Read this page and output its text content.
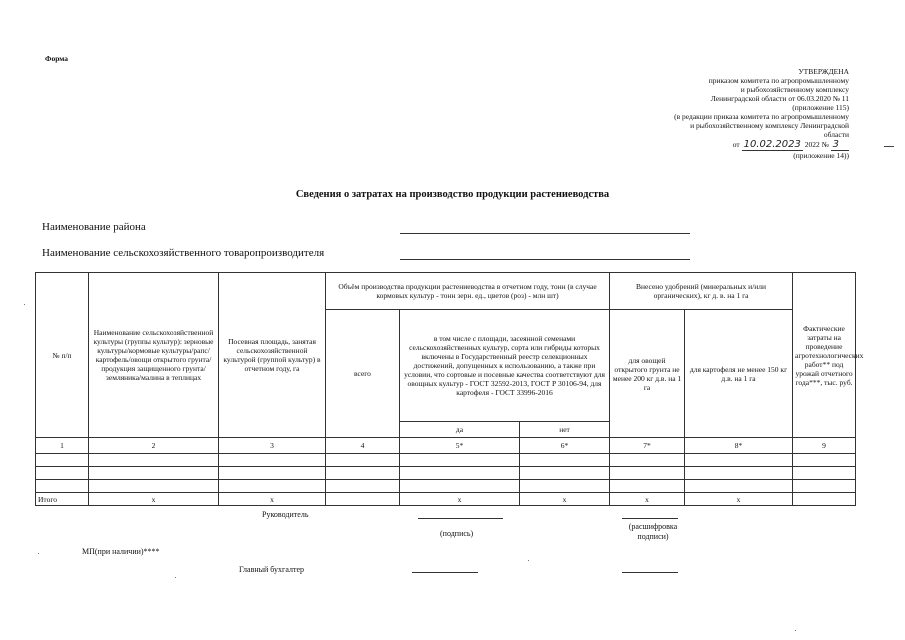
Форма
УТВЕРЖДЕНА
приказом комитета по агропромышленному
и рыбохозяйственному комплексу
Ленинградской области от 06.03.2020 № 11
(приложение 115)
(в редакции приказа комитета по агропромышленному
и рыбохозяйственному комплексу Ленинградской
области
от 10.02.2023 2022 № 3
(приложение 14))
Сведения о затратах на производство продукции растениеводства
Наименование района
Наименование сельскохозяйственного товаропроизводителя
№ п/п	Наименование сельскохозяйственной культуры (группы культур): зерновые культуры/кормовые культуры/рапс/картофель/овощи открытого грунта/продукция защищенного грунта/земляника/малина в теплицах	Посевная площадь, занятая сельскохозяйственной культурой (группой культур) в отчетном году, га	Объём производства продукции растениеводства в отчетном году, тонн (в случае кормовых культур - тонн зерн. ед., цветов (роз) - млн шт)			Внесено удобрений (минеральных и/или органических), кг д. в. на 1 га		Фактические затраты на проведение агротехнологических работ** под урожай отчетного года***, тыс. руб.
			всего	в том числе с площади, засеянной семенами сельскохозяйственных культур, сорта или гибриды которых включены в Государственный реестр селекционных достижений, допущенных к использованию, а также при условии, что сортовые и посевные качества соответствуют для овощных культур - ГОСТ 32592-2013, ГОСТ Р 30106-94, для картофеля - ГОСТ 33996-2016		для овощей открытого грунта не менее 200 кг д.в. на 1 га	для картофеля не менее 150 кг д.в. на 1 га	
				да	нет			
1	2	3	4	5*	6*	7*	8*	9

Итого	х	х		х	х	х	х	
Руководитель
(подпись)
(расшифровка подписи)
МП(при наличии)****
Главный бухгалтер
